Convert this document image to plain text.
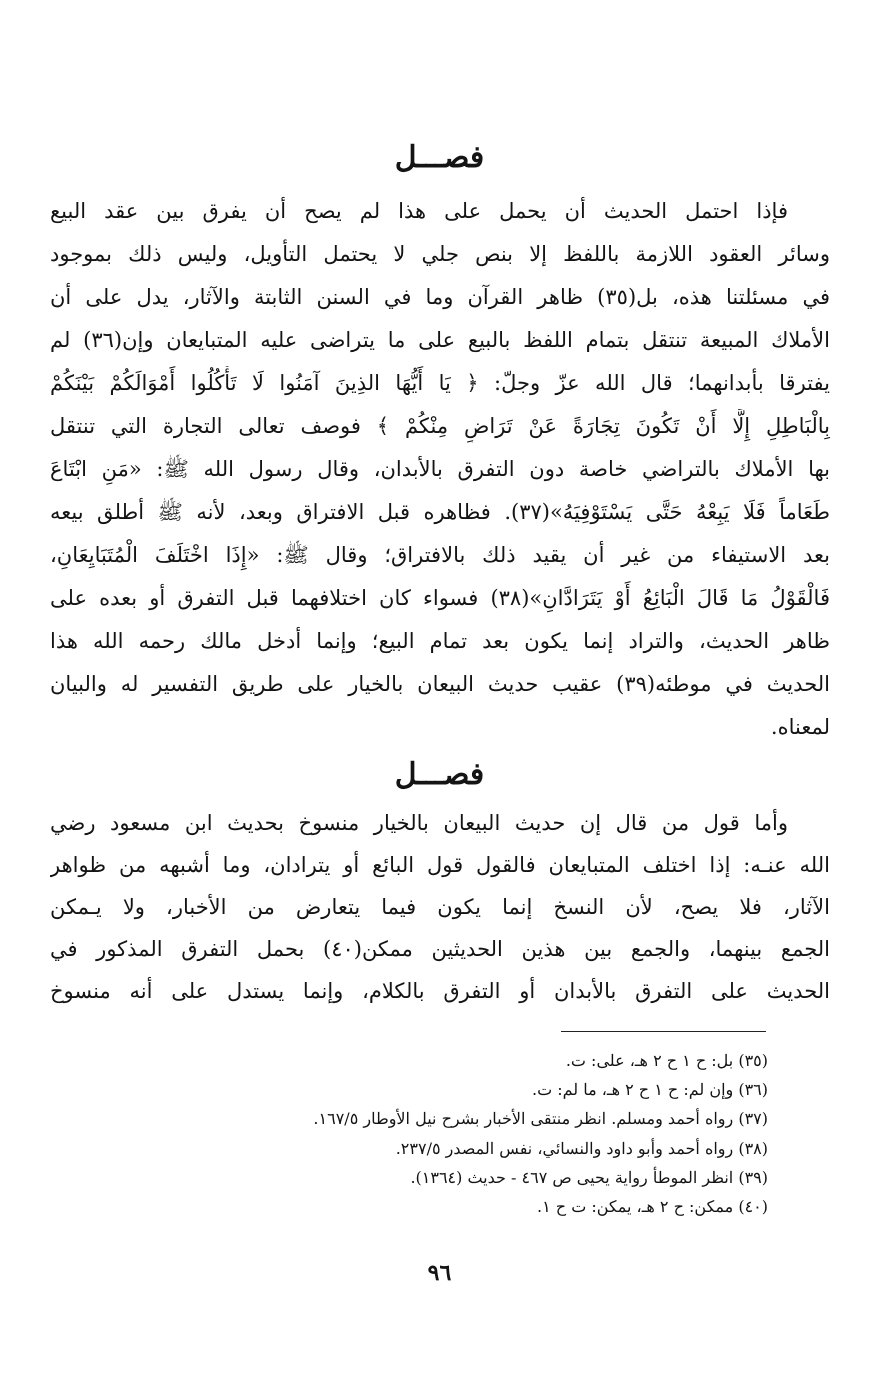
فصـــل
فإذا احتمل الحديث أن يحمل على هذا لم يصح أن يفرق بين عقد البيع
وسائر العقود اللازمة باللفظ إلا بنص جلي لا يحتمل التأويل، وليس ذلك بموجود
في مسئلتنا هذه، بل(٣٥) ظاهر القرآن وما في السنن الثابتة والآثار، يدل على أن
الأملاك المبيعة تنتقل بتمام اللفظ بالبيع على ما يتراضى عليه المتبايعان وإن(٣٦) لم
يفترقا بأبدانهما؛ قال الله عزّ وجلّ: ﴿ يَا أَيُّهَا الذِينَ آمَنُوا لَا تَأْكُلُوا أَمْوَالَكُمْ بَيْنَكُمْ
بِالْبَاطِلِ إِلَّا أَنْ تَكُونَ تِجَارَةً عَنْ تَرَاضٍ مِنْكُمْ ﴾ فوصف تعالى التجارة التي تنتقل
بها الأملاك بالتراضي خاصة دون التفرق بالأبدان، وقال رسول الله ﷺ: «مَنِ ابْتَاعَ
طَعَاماً فَلَا يَبِعْهُ حَتَّى يَسْتَوْفِيَهُ»(٣٧). فظاهره قبل الافتراق وبعد، لأنه ﷺ أطلق بيعه
بعد الاستيفاء من غير أن يقيد ذلك بالافتراق؛ وقال ﷺ: «إِذَا اخْتَلَفَ الْمُتَبَايِعَانِ،
فَالْقَوْلُ مَا قَالَ الْبَائِعُ أَوْ يَتَرَادَّانِ»(٣٨) فسواء كان اختلافهما قبل التفرق أو بعده على
ظاهر الحديث، والتراد إنما يكون بعد تمام البيع؛ وإنما أدخل مالك رحمه الله هذا
الحديث في موطئه(٣٩) عقيب حديث البيعان بالخيار على طريق التفسير له والبيان
لمعناه.
فصـــل
وأما قول من قال إن حديث البيعان بالخيار منسوخ بحديث ابن مسعود رضي
الله عنـه: إذا اختلف المتبايعان فالقول قول البائع أو يترادان، وما أشبهه من ظواهر
الآثار، فلا يصح، لأن النسخ إنما يكون فيما يتعارض من الأخبار، ولا يـمكن
الجمع بينهما، والجمع بين هذين الحديثين ممكن(٤٠) بحمل التفرق المذكور في
الحديث على التفرق بالأبدان أو التفرق بالكلام، وإنما يستدل على أنه منسوخ
(٣٥) بل: ح ١ ح ٢ هـ، على: ت.
(٣٦) وإن لم: ح ١ ح ٢ هـ، ما لم: ت.
(٣٧) رواه أحمد ومسلم. انظر منتقى الأخبار بشرح نيل الأوطار ١٦٧/٥.
(٣٨) رواه أحمد وأبو داود والنسائي، نفس المصدر ٢٣٧/٥.
(٣٩) انظر الموطأ رواية يحيى ص ٤٦٧ - حديث (١٣٦٤).
(٤٠) ممكن: ح ٢ هـ، يمكن: ت ح ١.
٩٦
